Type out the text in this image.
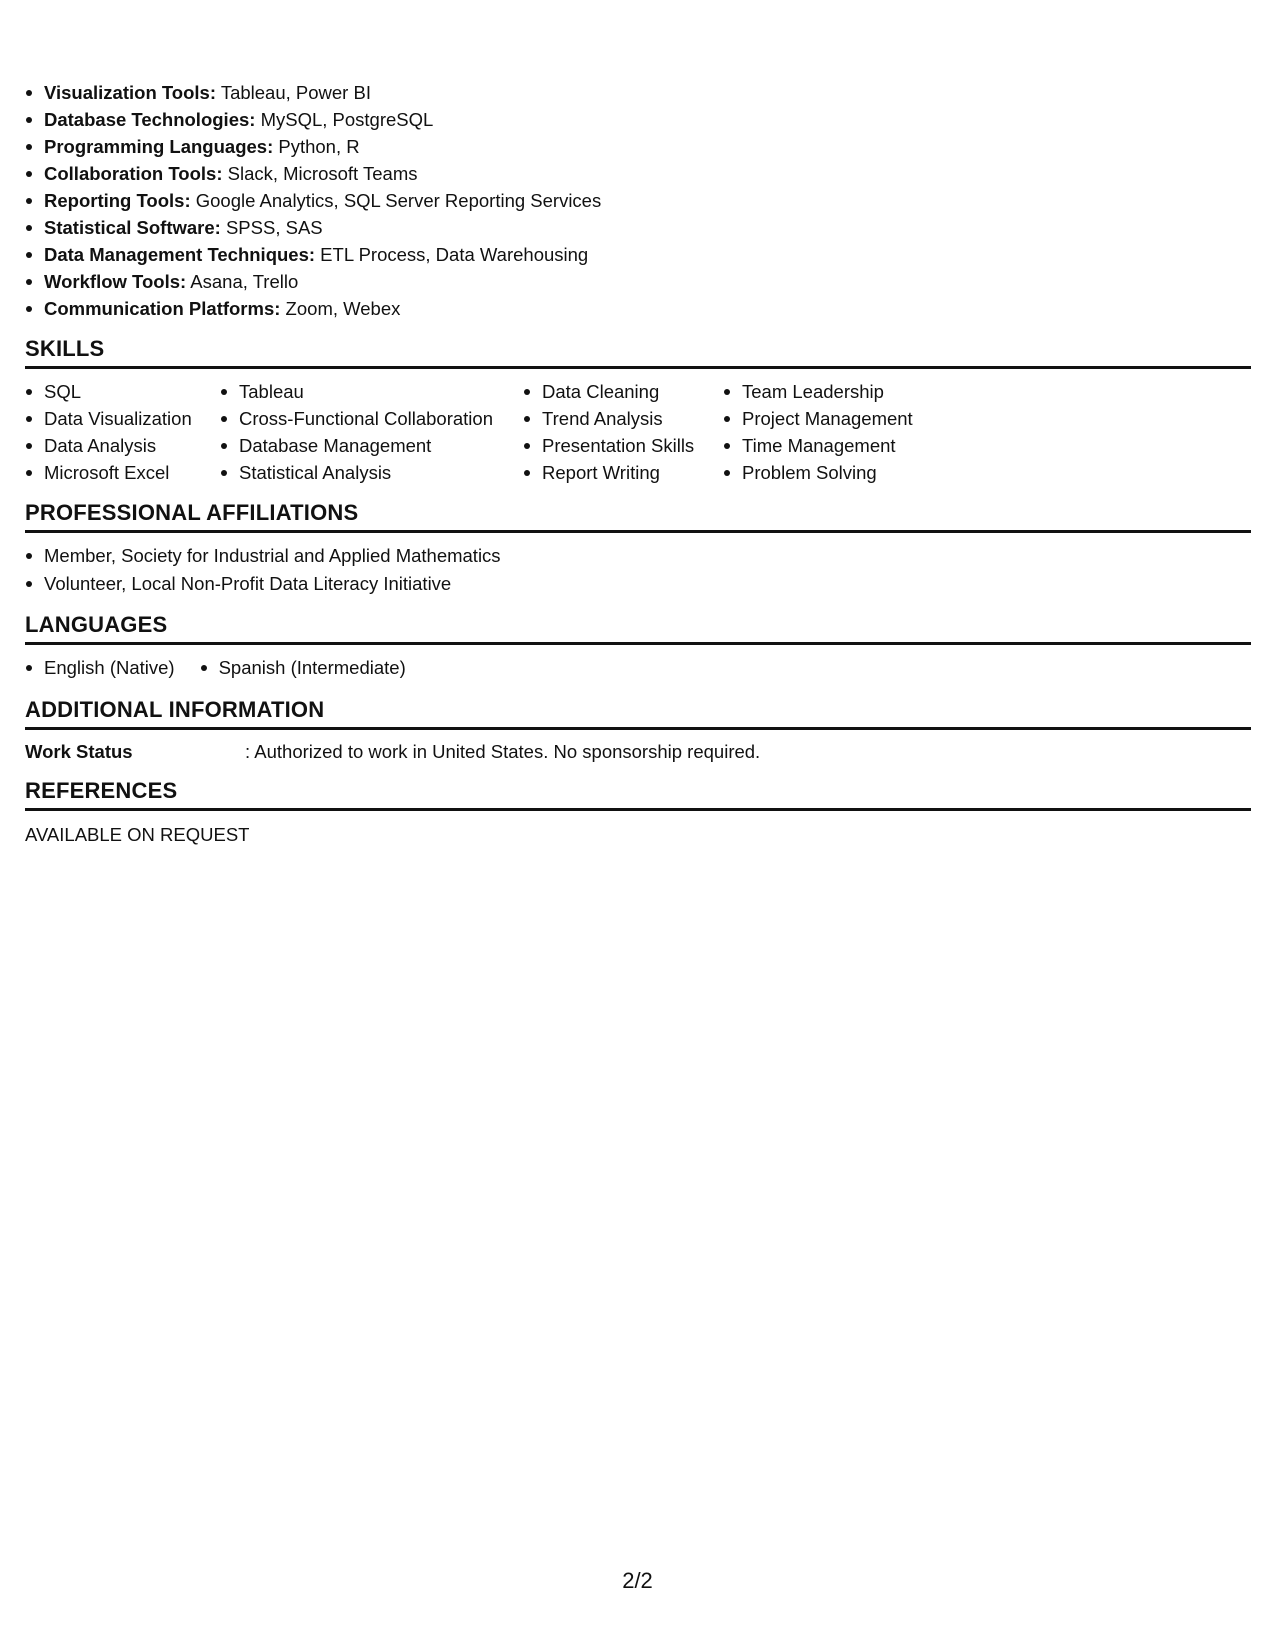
Visualization Tools: Tableau, Power BI
Database Technologies: MySQL, PostgreSQL
Programming Languages: Python, R
Collaboration Tools: Slack, Microsoft Teams
Reporting Tools: Google Analytics, SQL Server Reporting Services
Statistical Software: SPSS, SAS
Data Management Techniques: ETL Process, Data Warehousing
Workflow Tools: Asana, Trello
Communication Platforms: Zoom, Webex
SKILLS
SQL
Data Visualization
Data Analysis
Microsoft Excel
Tableau
Cross-Functional Collaboration
Database Management
Statistical Analysis
Data Cleaning
Trend Analysis
Presentation Skills
Report Writing
Team Leadership
Project Management
Time Management
Problem Solving
PROFESSIONAL AFFILIATIONS
Member, Society for Industrial and Applied Mathematics
Volunteer, Local Non-Profit Data Literacy Initiative
LANGUAGES
English (Native)	Spanish (Intermediate)
ADDITIONAL INFORMATION
Work Status	: Authorized to work in United States. No sponsorship required.
REFERENCES
AVAILABLE ON REQUEST
2/2
